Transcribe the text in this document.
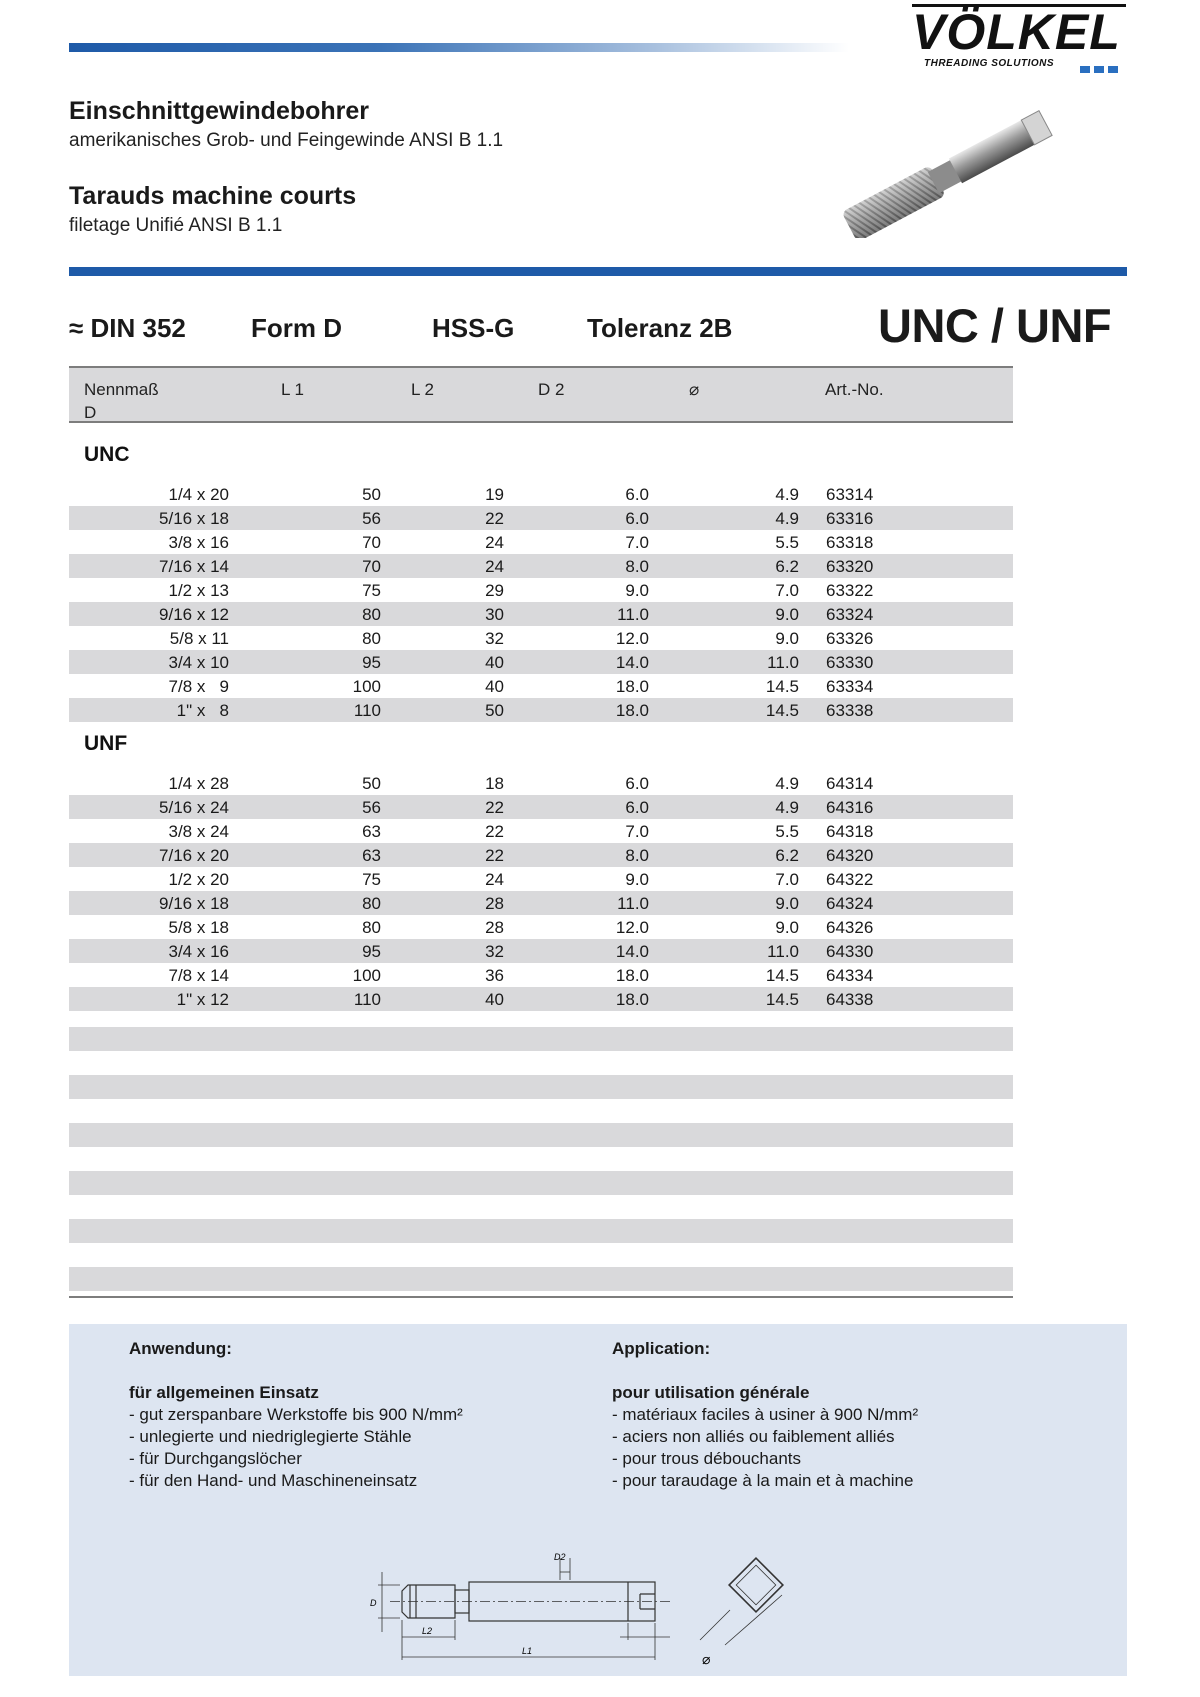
VÖLKEL
THREADING SOLUTIONS
Einschnittgewindebohrer
amerikanisches Grob- und Feingewinde ANSI B 1.1
Tarauds machine courts
filetage Unifié ANSI B 1.1
≈ DIN 352	Form D	HSS-G	Toleranz 2B	UNC / UNF
Nennmaß
D
L 1	L 2	D 2	⌀	Art.-No.
UNC
UNF
1/4 x 20	50	19	6.0	4.9 63314
5/16 x 18	56	22	6.0	4.9 63316
3/8 x 16	70	24	7.0	5.5 63318
7/16 x 14	70	24	8.0	6.2 63320
1/2 x 13	75	29	9.0	7.0 63322
9/16 x 12	80	30	11.0	9.0 63324
5/8 x 11	80	32	12.0	9.0 63326
3/4 x 10	95	40	14.0	11.0 63330
7/8 x   9	100	40	18.0	14.5 63334
1" x   8	110	50	18.0	14.5 63338
1/4 x 28	50	18	6.0	4.9 64314
5/16 x 24	56	22	6.0	4.9 64316
3/8 x 24	63	22	7.0	5.5 64318
7/16 x 20	63	22	8.0	6.2 64320
1/2 x 20	75	24	9.0	7.0 64322
9/16 x 18	80	28	11.0	9.0 64324
5/8 x 18	80	28	12.0	9.0 64326
3/4 x 16	95	32	14.0	11.0 64330
7/8 x 14	100	36	18.0	14.5 64334
1" x 12	110	40	18.0	14.5 64338
Anwendung:
für allgemeinen Einsatz
- gut zerspanbare Werkstoffe bis 900 N/mm²
- unlegierte und niedriglegierte Stähle
- für Durchgangslöcher
- für den Hand- und Maschineneinsatz
Application:
pour utilisation générale
- matériaux faciles à usiner à 900 N/mm²
- aciers non alliés ou faiblement alliés
- pour trous débouchants
- pour taraudage à la main et à machine
D
D2
L2
L1	⌀
